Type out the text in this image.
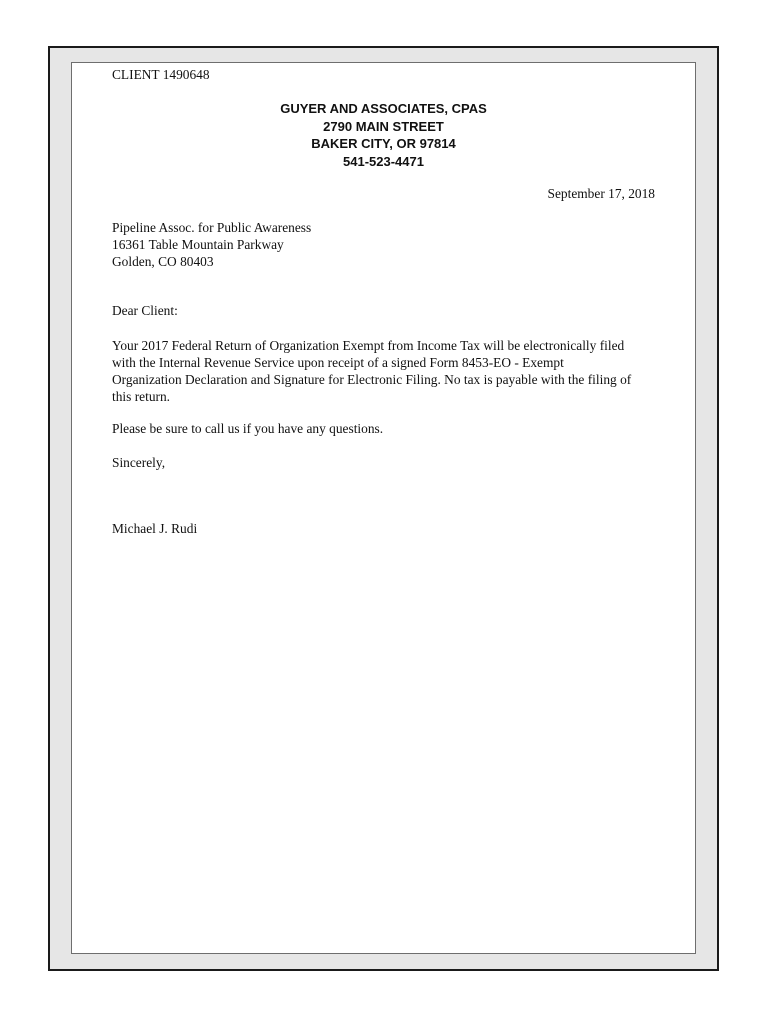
CLIENT 1490648
GUYER AND ASSOCIATES, CPAS
2790 MAIN STREET
BAKER CITY, OR 97814
541-523-4471
September 17, 2018
Pipeline Assoc. for Public Awareness
16361 Table Mountain Parkway
Golden, CO 80403
Dear Client:
Your 2017 Federal Return of Organization Exempt from Income Tax will be electronically filed
with the Internal Revenue Service upon receipt of a signed Form 8453-EO - Exempt
Organization Declaration and Signature for Electronic Filing. No tax is payable with the filing of
this return.
Please be sure to call us if you have any questions.
Sincerely,
Michael J. Rudi
